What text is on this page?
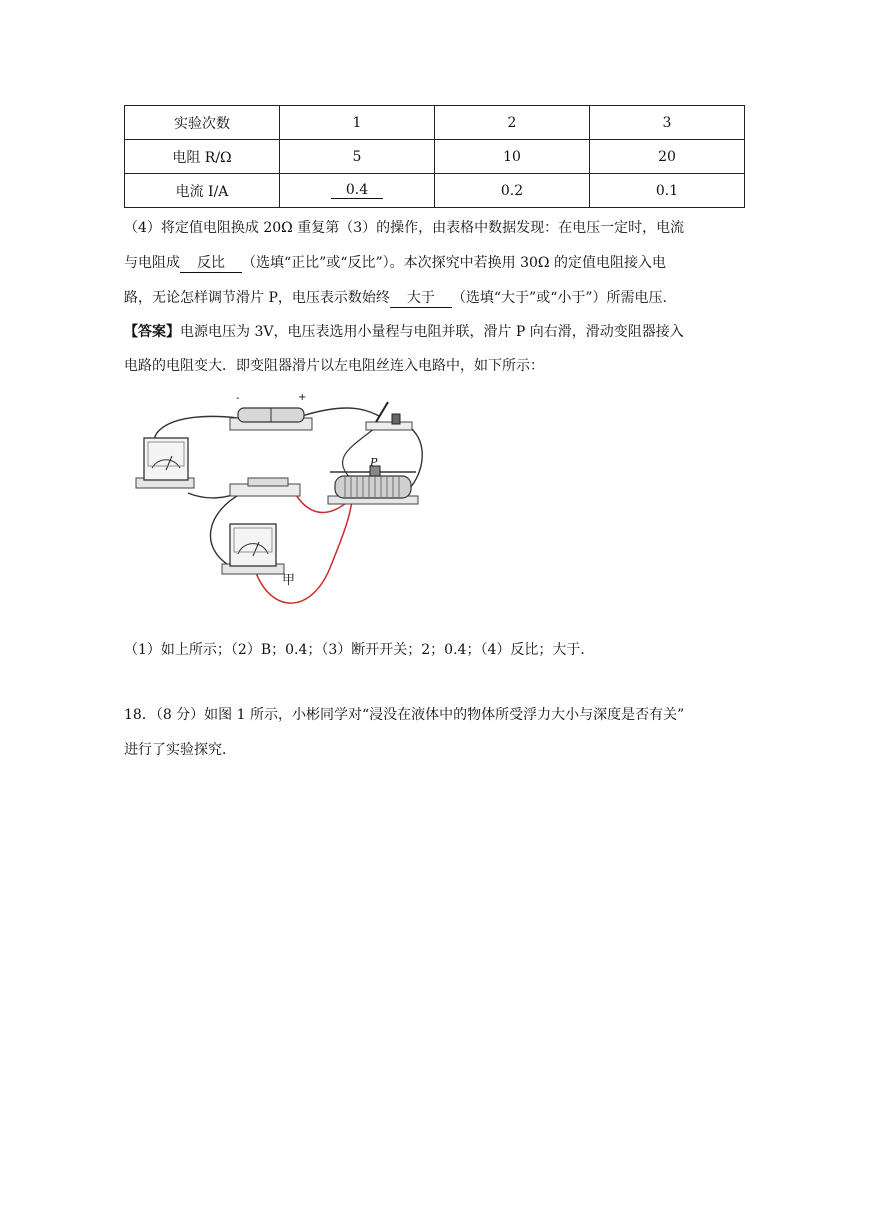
实验次数	1	2	3
电阻 R/Ω	5	10	20
电流 I/A	0.4	0.2	0.1
（4）将定值电阻换成 20Ω 重复第（3）的操作，由表格中数据发现：在电压一定时，电流
与电阻成 反比 （选填“正比”或“反比”）。本次探究中若换用 30Ω 的定值电阻接入电
路，无论怎样调节滑片 P，电压表示数始终 大于 （选填“大于”或“小于”）所需电压.
【答案】电源电压为 3V，电压表选用小量程与电阻并联，滑片 P 向右滑，滑动变阻器接入
电路的电阻变大．即变阻器滑片以左电阻丝连入电路中，如下所示：
-	+
P
甲
（1）如上所示；（2）B；0.4；（3）断开开关；2；0.4；（4）反比；大于．
18．（8 分）如图 1 所示，小彬同学对“浸没在液体中的物体所受浮力大小与深度是否有关”
进行了实验探究．
